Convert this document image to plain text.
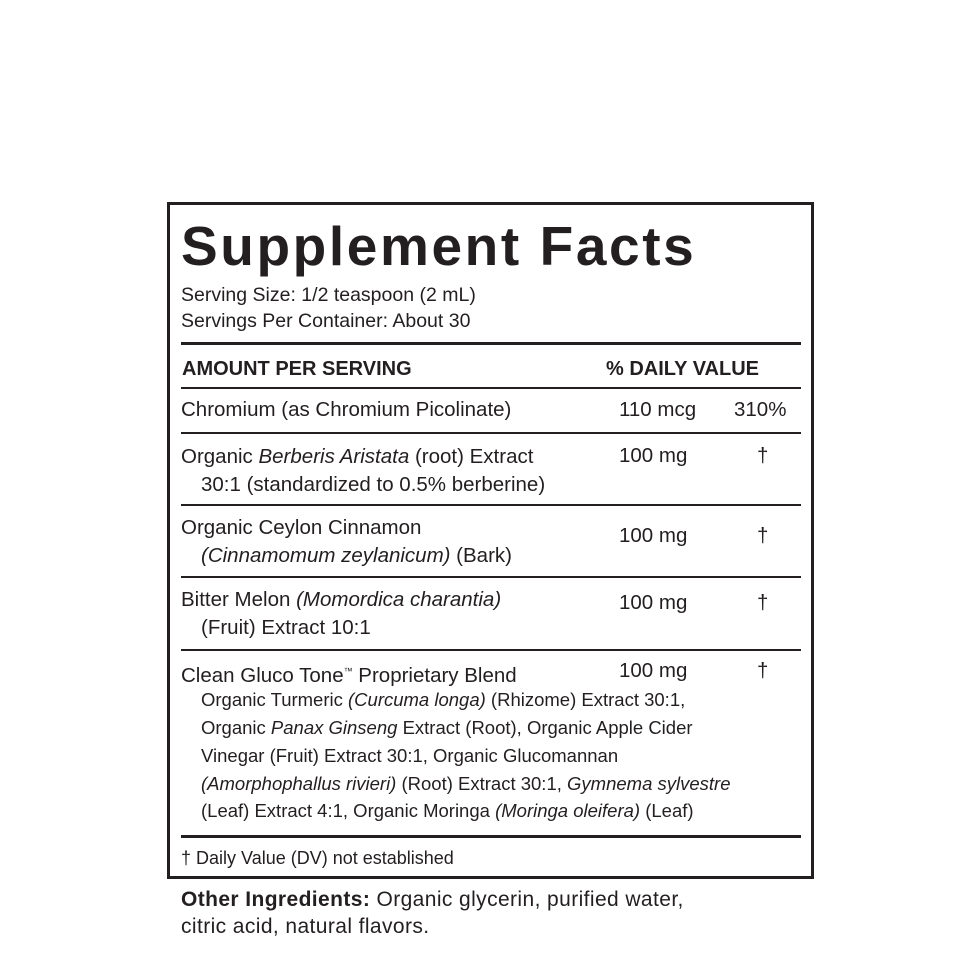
Supplement Facts
Serving Size: 1/2 teaspoon (2 mL)
Servings Per Container: About 30
AMOUNT PER SERVING	% DAILY VALUE
Chromium (as Chromium Picolinate)	110 mcg 310%
Organic Berberis Aristata (root) Extract
30:1 (standardized to 0.5% berberine)
100 mg	†
Organic Ceylon Cinnamon
(Cinnamomum zeylanicum) (Bark)
100 mg	†
Bitter Melon (Momordica charantia)
(Fruit) Extract 10:1
100 mg	†
Clean Gluco Tone™ Proprietary Blend	100 mg	†
Organic Turmeric (Curcuma longa) (Rhizome) Extract 30:1,
Organic Panax Ginseng Extract (Root), Organic Apple Cider
Vinegar (Fruit) Extract 30:1, Organic Glucomannan
(Amorphophallus rivieri) (Root) Extract 30:1, Gymnema sylvestre
(Leaf) Extract 4:1, Organic Moringa (Moringa oleifera) (Leaf)
† Daily Value (DV) not established
Other Ingredients: Organic glycerin, purified water,
citric acid, natural flavors.
